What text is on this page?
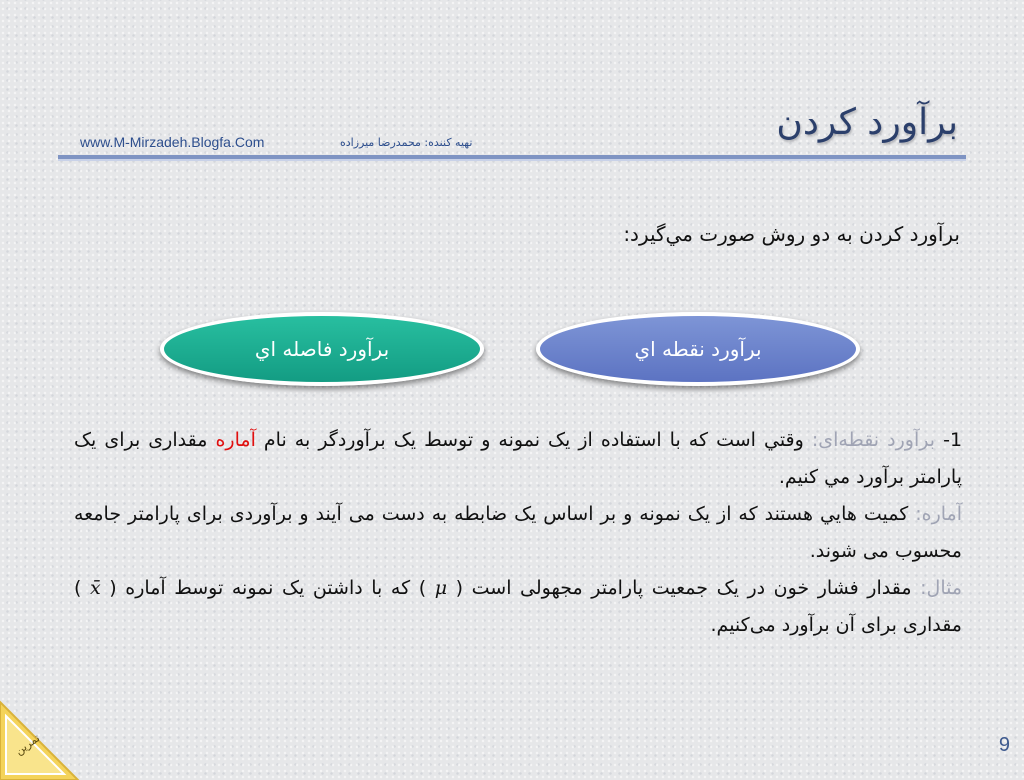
برآورد کردن
www.M-Mirzadeh.Blogfa.Com	تهیه کننده: محمدرضا میرزاده
برآورد کردن به دو روش صورت مي‌گيرد:
برآورد فاصله اي	برآورد نقطه اي

1- برآورد نقطه‌ای: وقتي است كه با استفاده از يک نمونه و توسط یک برآوردگر به نام آماره مقداری برای يک پارامتر برآورد مي كنيم.

آماره: كميت هايي هستند كه از يک نمونه و بر اساس يک ضابطه به دست مى آيند و برآوردی برای پارامتر جامعه محسوب مى شوند.

مثال: مقدار فشار خون در يک جمعيت پارامتر مجهولی است ( μ ) كه با داشتن يک نمونه توسط آماره ( x̄ ) مقداری برای آن برآورد مى‌كنيم.

تمرین	9
